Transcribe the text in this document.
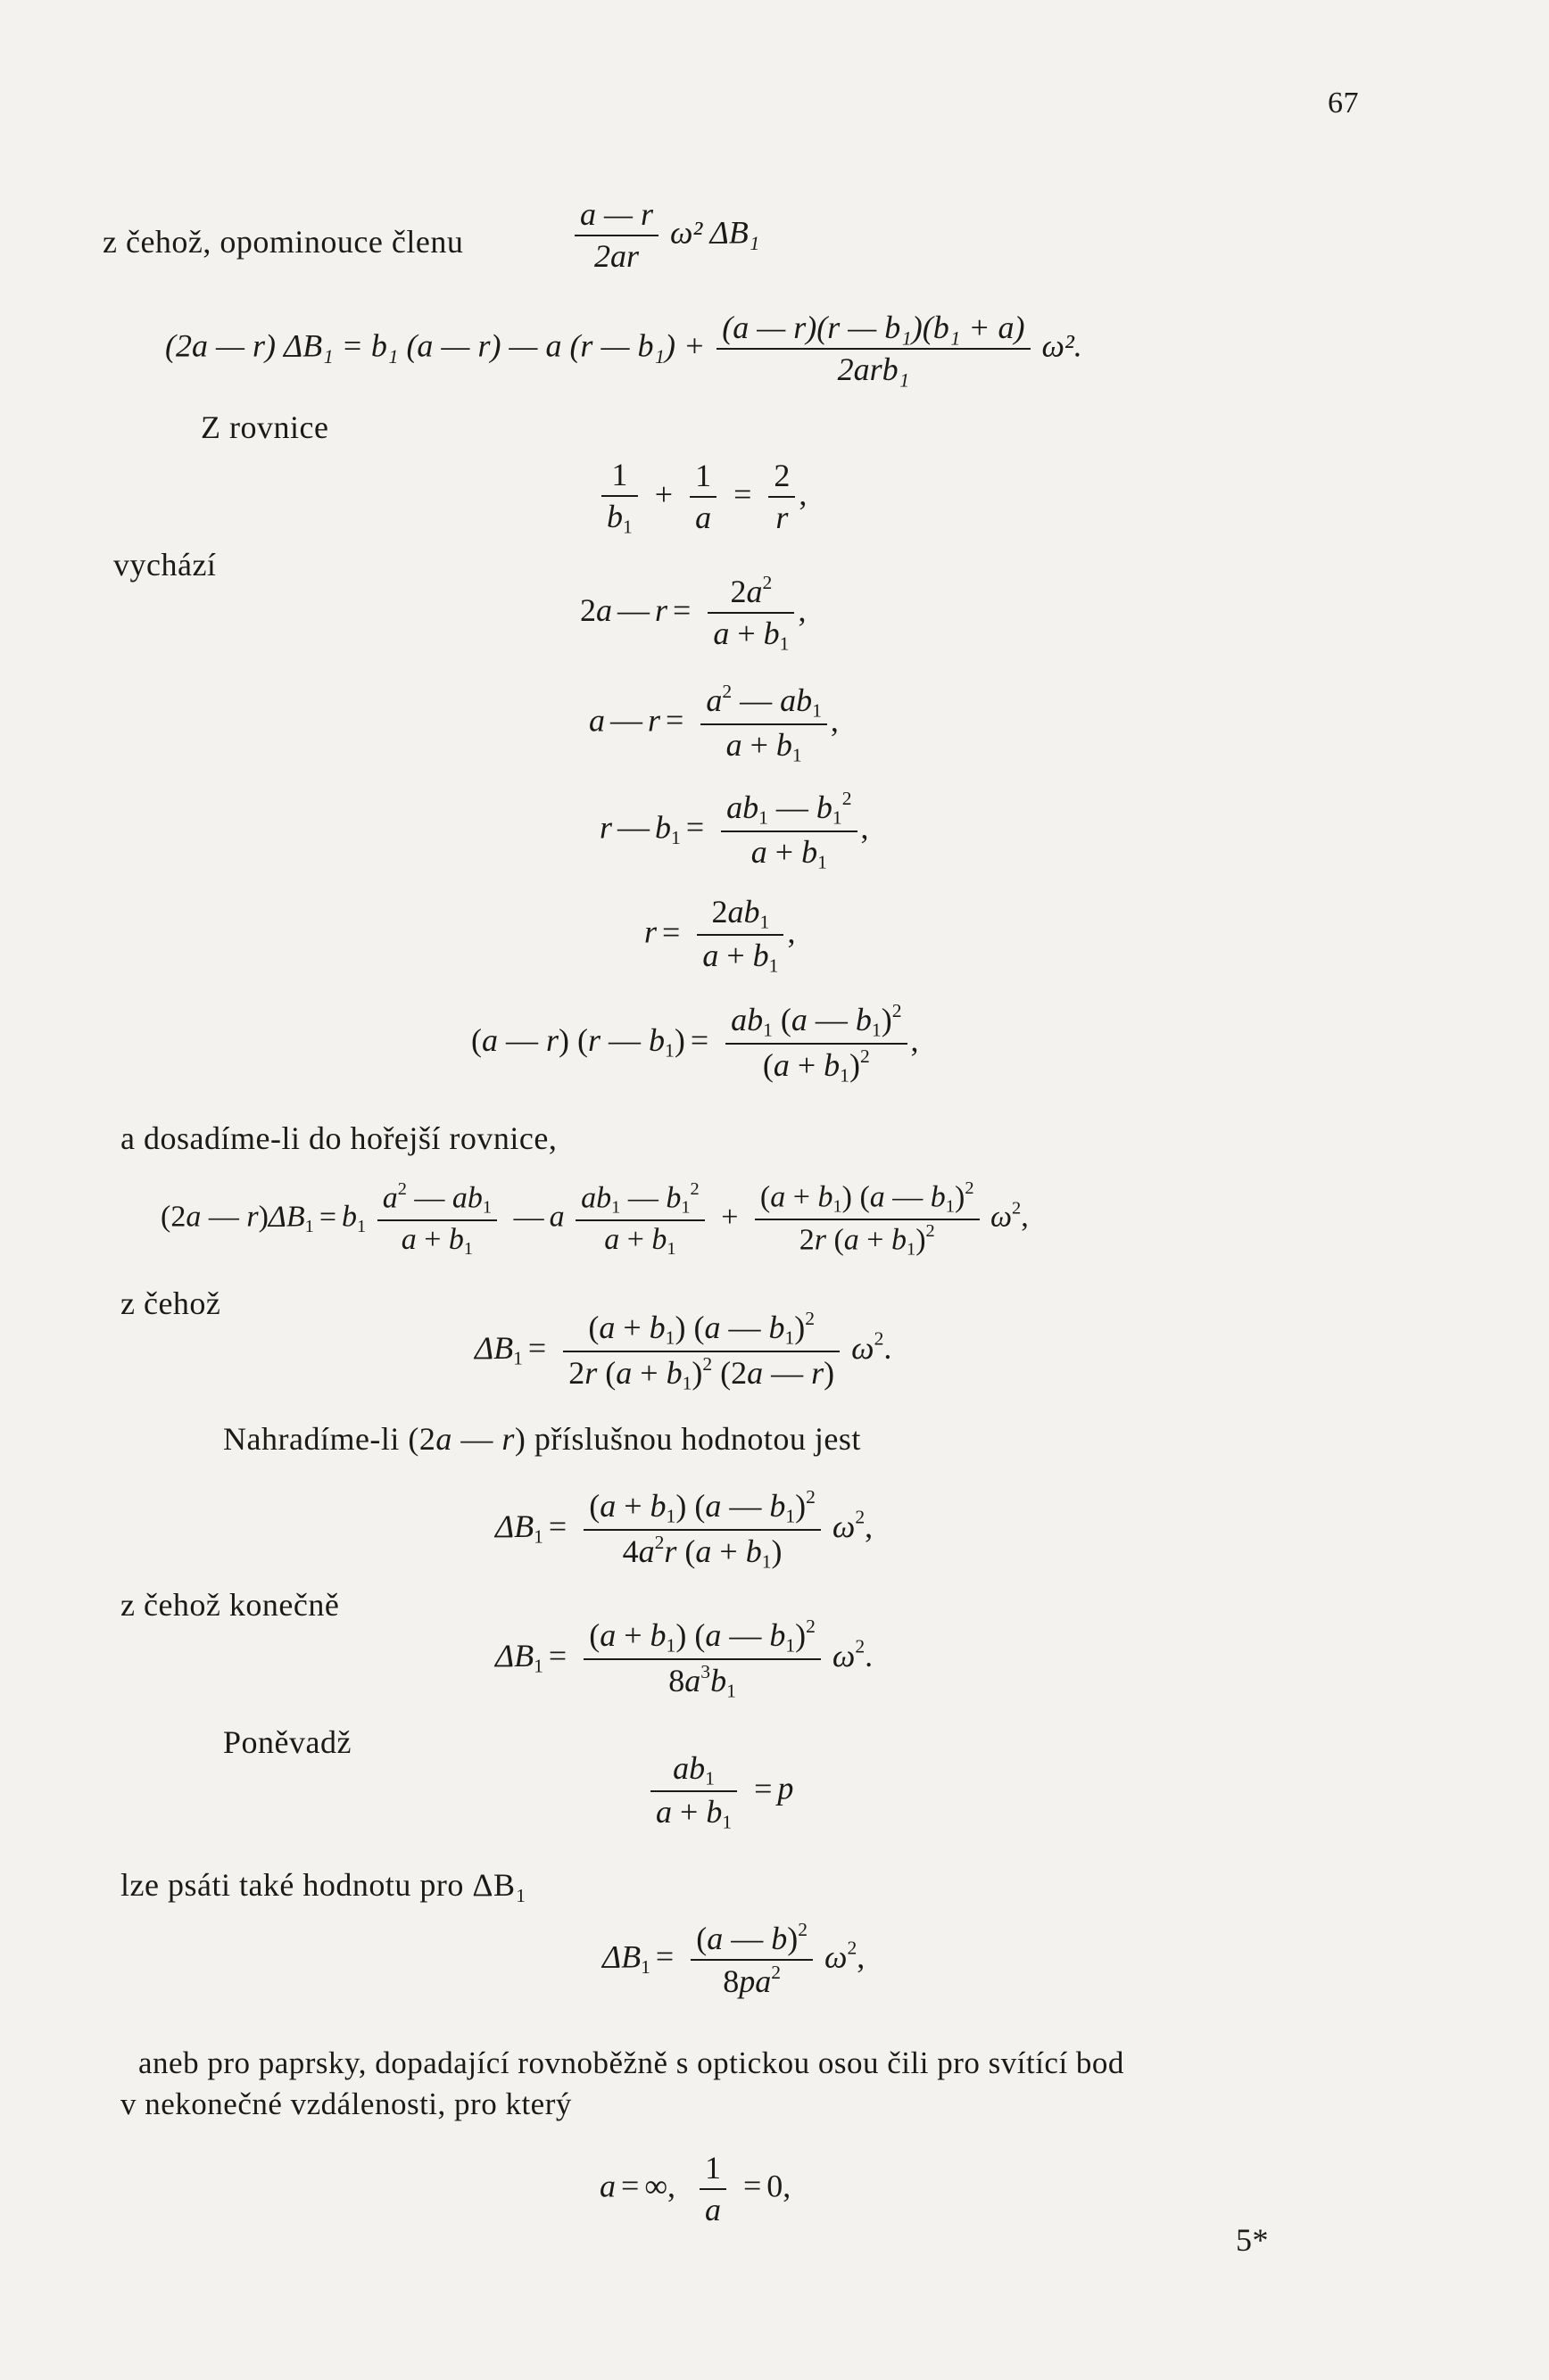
67
z čehož, opominouce členu	$\frac{a — r}{2ar} \omega^2$ ΔB₁
(2a — r) ΔB₁ = b₁ (a — r) — a (r — $b_1) + \frac{\text{(a — r)(r — b₁)(b₁ + a)}}{\text{2arb₁}} \omega^2$.
Z rovnice
$\frac{1}{b_1} + \frac{1}{a} = \frac{2}{r}$ ,
vychází
2a — $r = \frac{2a^2}{a + b_1}$ ,
a — $r = \frac{a^2 — ab_1}{a + b_1}$ ,
r — $b_1 = \frac{ab_1 — b_1^2}{a + b_1}$ ,
$r = \frac{2ab_1}{a + b_1}$ ,
(a — r) (r — $b_1) = \frac{ab_1 (a — b_1)^2}{(a + b_1)^2}$ ,
a dosadíme-li do hořejší rovnice,
(2a — $r)\Delta B_1 = b_1 \frac{a^2 — ab_1}{a + b_1}$ — a $\frac{ab_1 — b_1^2}{a + b_1} + \frac{(a + b_1) (a — b_1)^2}{2r (a + b_1)^2} \omega^2$,
z čehož
$\Delta B_1 = \frac{(a + b_1) (a — b_1)^2}{2r (a + b_1)^2 (2a — r)} \omega^2$.
Nahradíme-li (2a — r) příslušnou hodnotou jest
$\Delta B_1 = \frac{(a + b_1) (a — b_1)^2}{4a^2r (a + b_1)} \omega^2$,
z čehož konečně
$\Delta B_1 = \frac{(a + b_1) (a — b_1)^2}{8a^3b_1} \omega^2$.
Poněvadž
$\frac{ab_1}{a + b_1} = p$
lze psáti také hodnotu pro ΔB₁
$\Delta B_1 = \frac{(a — b)^2}{8pa^2} \omega^2$,
aneb pro paprsky, dopadající rovnoběžně s optickou osou čili pro svítící bod
v nekonečné vzdálenosti, pro který
a = ∞, $\frac{1}{a} = 0$,
5*
